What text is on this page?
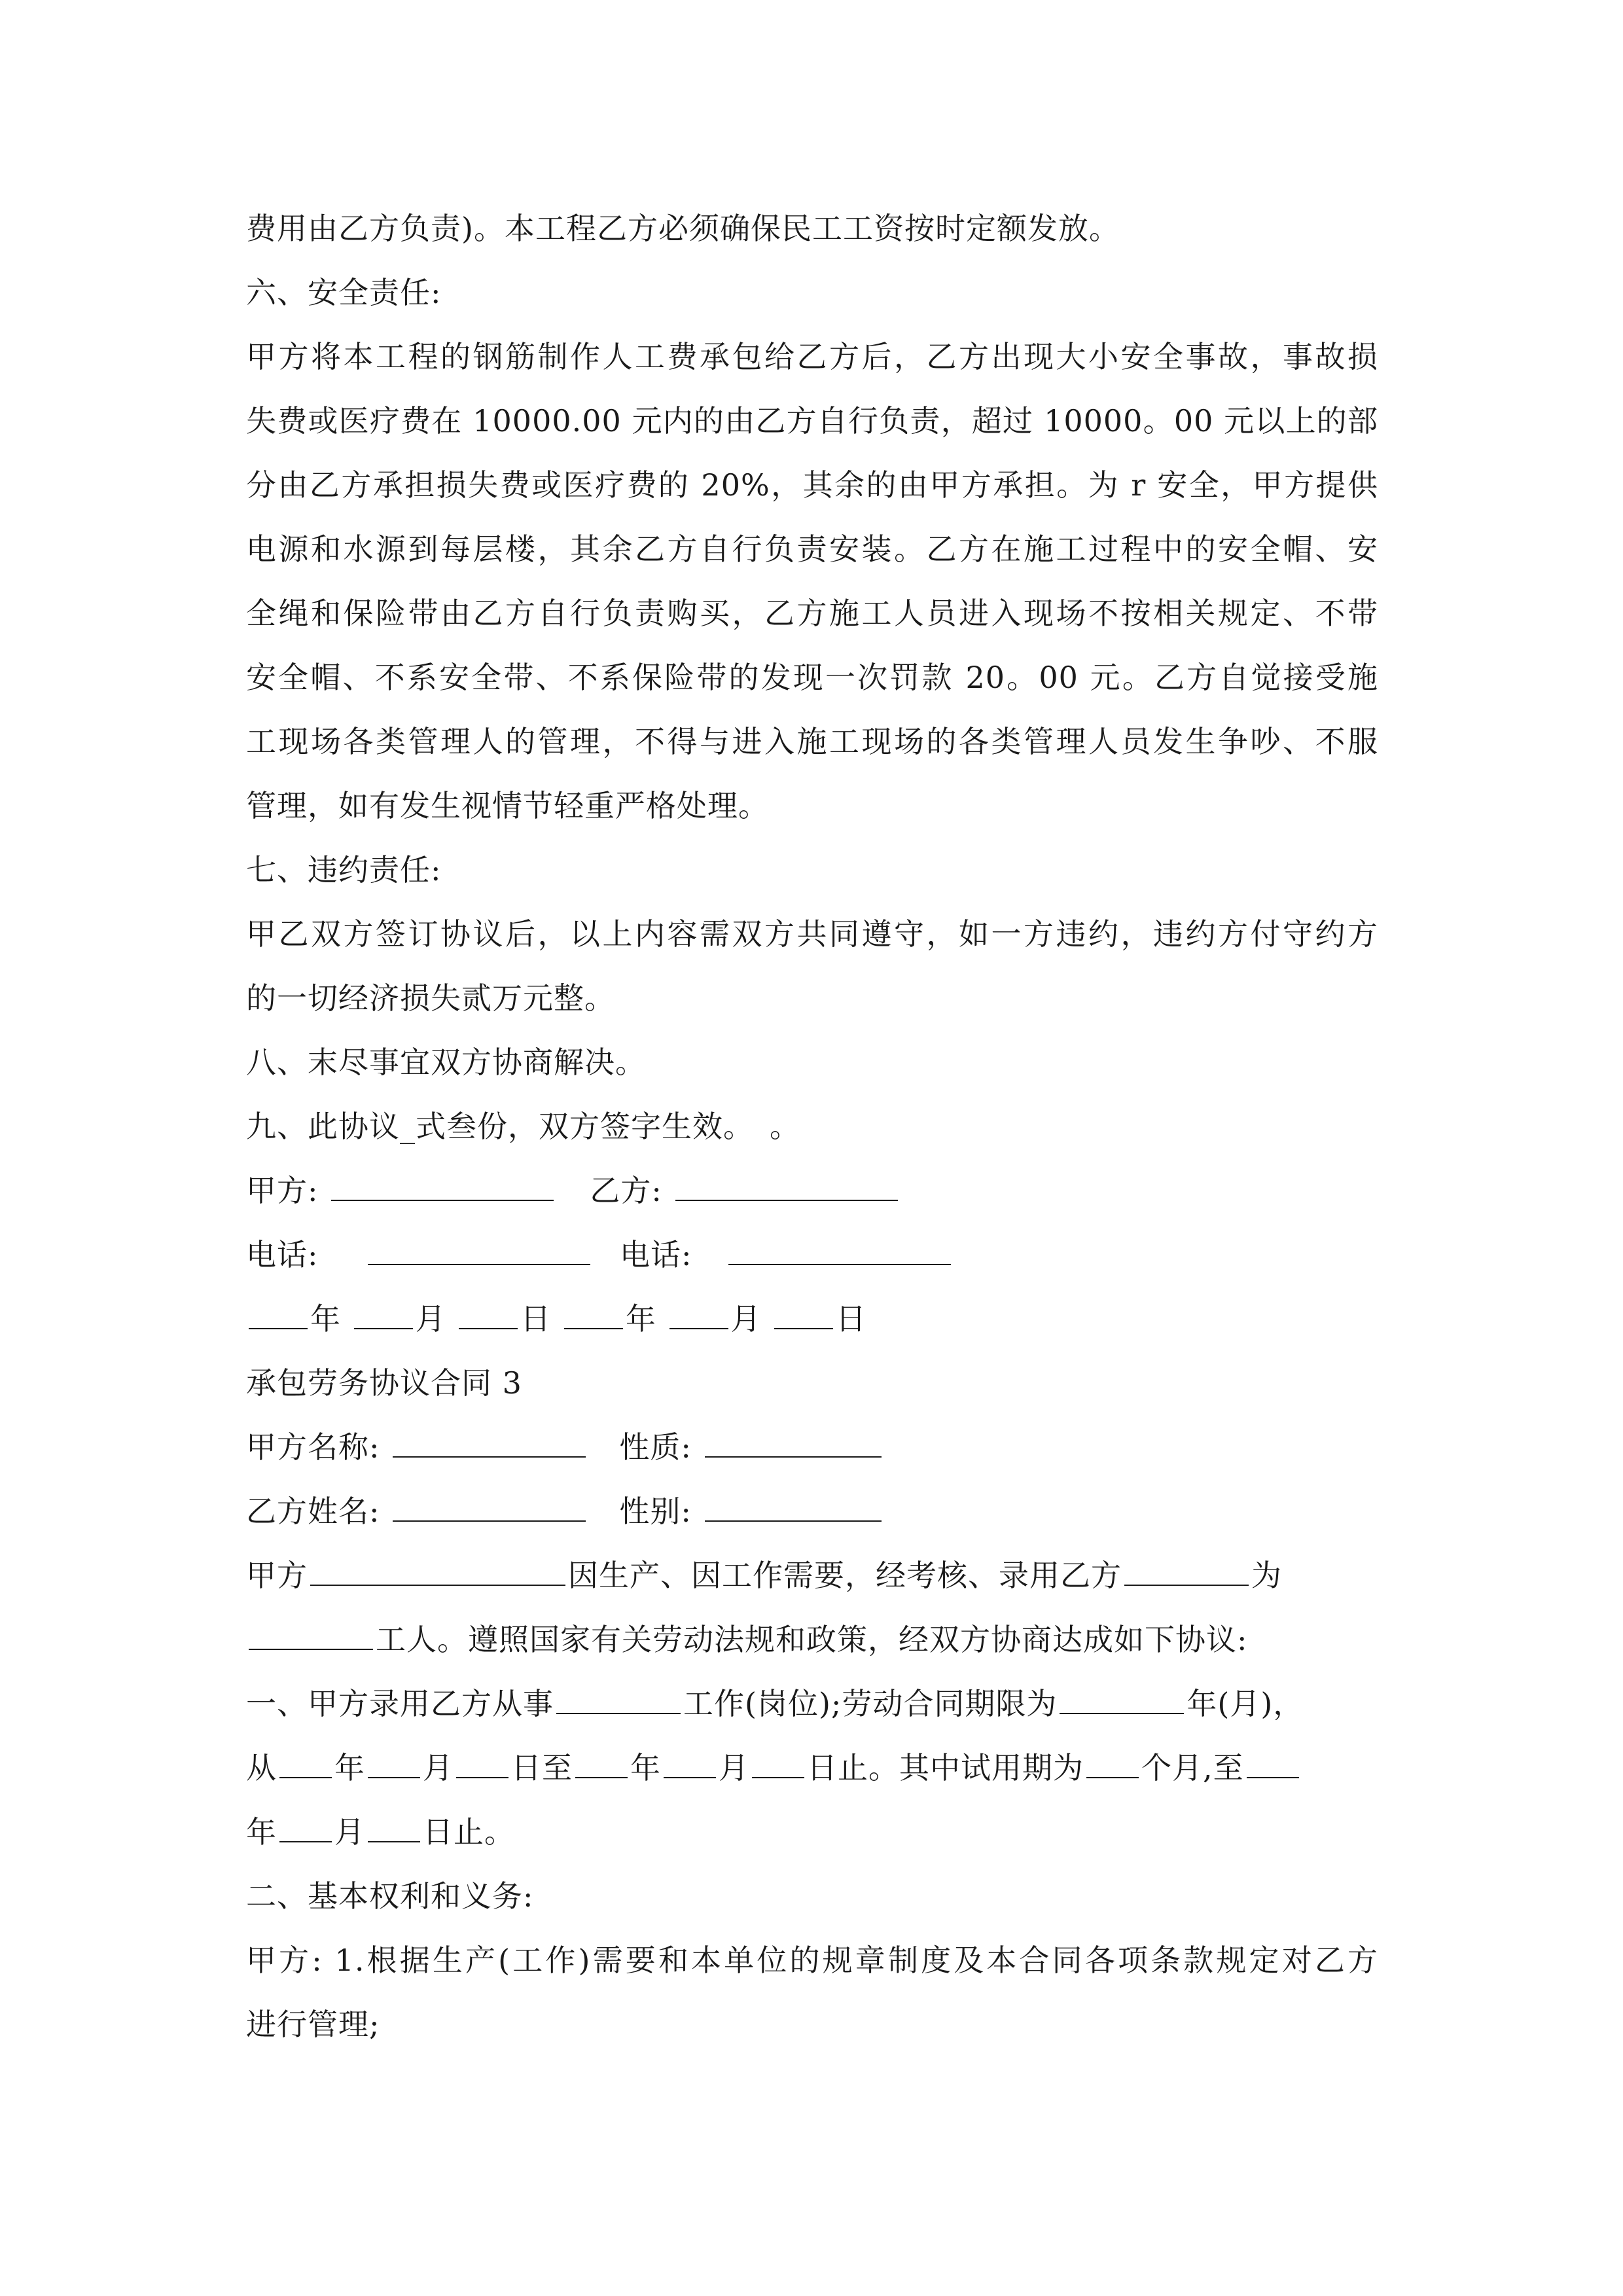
费用由乙方负责)。本工程乙方必须确保民工工资按时定额发放。
六、安全责任:
甲方将本工程的钢筋制作人工费承包给乙方后，乙方出现大小安全事故，事故损
失费或医疗费在 10000.00 元内的由乙方自行负责，超过 10000。00 元以上的部
分由乙方承担损失费或医疗费的 20%，其余的由甲方承担。为 r 安全，甲方提供
电源和水源到每层楼，其余乙方自行负责安装。乙方在施工过程中的安全帽、安
全绳和保险带由乙方自行负责购买，乙方施工人员进入现场不按相关规定、不带
安全帽、不系安全带、不系保险带的发现一次罚款 20。00 元。乙方自觉接受施
工现场各类管理人的管理，不得与进入施工现场的各类管理人员发生争吵、不服
管理，如有发生视情节轻重严格处理。
七、违约责任:
甲乙双方签订协议后，以上内容需双方共同遵守，如一方违约，违约方付守约方
的一切经济损失贰万元整。
八、末尽事宜双方协商解决。
九、此协议_式叁份，双方签字生效。　。
甲方:	乙方:
电话:	电话:
年 月 日 年 月 日
承包劳务协议合同 3
甲方名称:	性质:
乙方姓名:	性别:
甲方	因生产、因工作需要，经考核、录用乙方	为
工人。遵照国家有关劳动法规和政策，经双方协商达成如下协议:
一、甲方录用乙方从事	工作(岗位);劳动合同期限为	年(月)，
从 年 月 日至 年 月 日止。其中试用期为 个月,至
年 月 日止。
二、基本权利和义务:
甲方: 1.根据生产(工作)需要和本单位的规章制度及本合同各项条款规定对乙方
进行管理;
